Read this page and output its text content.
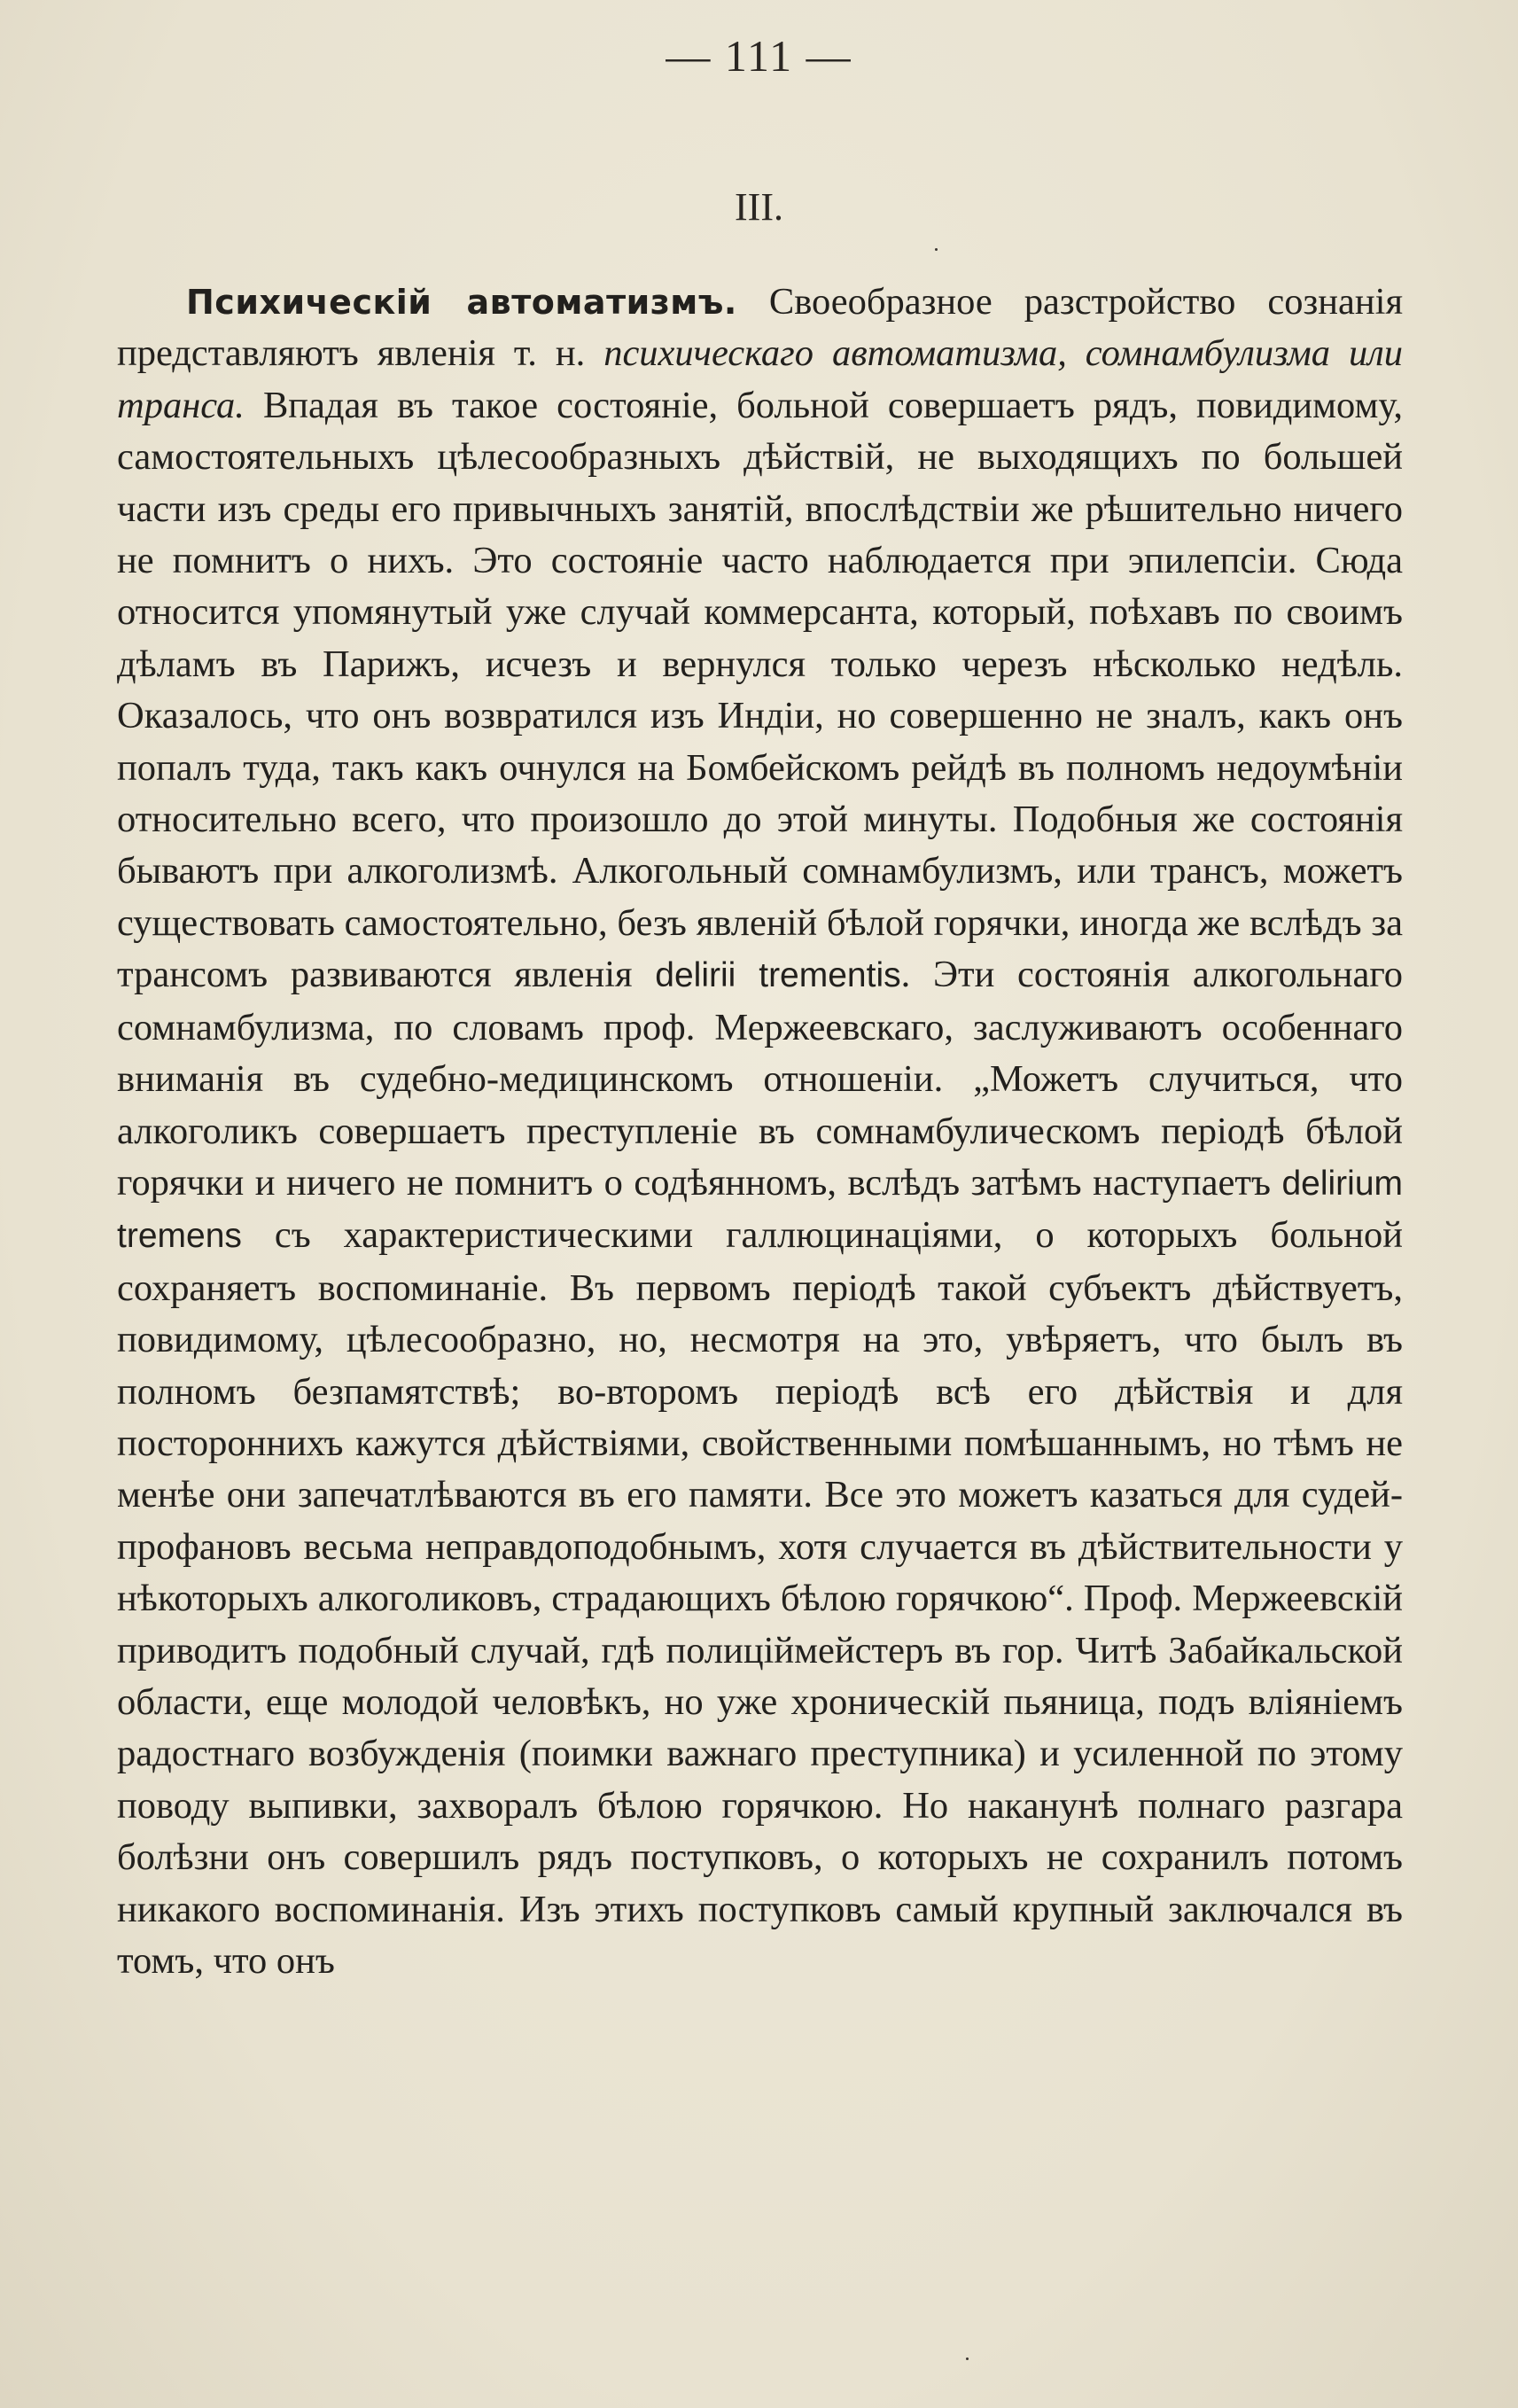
— 111 —
III.

Психическій автоматизмъ. Своеобразное разстройство сознанія представляютъ явленія т. н. психическаго автоматизма, сомнамбулизма или транса. Впадая въ такое состояніе, больной совершаетъ рядъ, повидимому, самостоятельныхъ цѣлесообразныхъ дѣйствій, не выходящихъ по большей части изъ среды его привычныхъ занятій, впослѣдствіи же рѣшительно ничего не помнитъ о нихъ. Это состояніе часто наблюдается при эпилепсіи. Сюда относится упомянутый уже случай коммерсанта, который, поѣхавъ по своимъ дѣламъ въ Парижъ, исчезъ и вернулся только черезъ нѣсколько недѣль. Оказалось, что онъ возвратился изъ Индіи, но совершенно не зналъ, какъ онъ попалъ туда, такъ какъ очнулся на Бомбейскомъ рейдѣ въ полномъ недоумѣніи относительно всего, что произошло до этой минуты. Подобныя же состоянія бываютъ при алкоголизмѣ. Алкогольный сомнамбулизмъ, или трансъ, можетъ существовать самостоятельно, безъ явленій бѣлой горячки, иногда же вслѣдъ за трансомъ развиваются явленія delirii trementis. Эти состоянія алкогольнаго сомнамбулизма, по словамъ проф. Мержеевскаго, заслуживаютъ особеннаго вниманія въ судебно-медицинскомъ отношеніи. „Можетъ случиться, что алкоголикъ совершаетъ преступленіе въ сомнамбулическомъ періодѣ бѣлой горячки и ничего не помнитъ о содѣянномъ, вслѣдъ затѣмъ наступаетъ delirium tremens съ характеристическими галлюцинаціями, о которыхъ больной сохраняетъ воспоминаніе. Въ первомъ періодѣ такой субъектъ дѣйствуетъ, повидимому, цѣлесообразно, но, несмотря на это, увѣряетъ, что былъ въ полномъ безпамятствѣ; во-второмъ періодѣ всѣ его дѣйствія и для постороннихъ кажутся дѣйствіями, свойственными помѣшаннымъ, но тѣмъ не менѣе они запечатлѣваются въ его памяти. Все это можетъ казаться для судей-профановъ весьма неправдоподобнымъ, хотя случается въ дѣйствительности у нѣкоторыхъ алкоголиковъ, страдающихъ бѣлою горячкою“. Проф. Мержеевскій приводитъ подобный случай, гдѣ полиціймейстеръ въ гор. Читѣ Забайкальской области, еще молодой человѣкъ, но уже хроническій пьяница, подъ вліяніемъ радостнаго возбужденія (поимки важнаго преступника) и усиленной по этому поводу выпивки, захворалъ бѣлою горячкою. Но наканунѣ полнаго разгара болѣзни онъ совершилъ рядъ поступковъ, о которыхъ не сохранилъ потомъ никакого воспоминанія. Изъ этихъ поступковъ самый крупный заключался въ томъ, что онъ
